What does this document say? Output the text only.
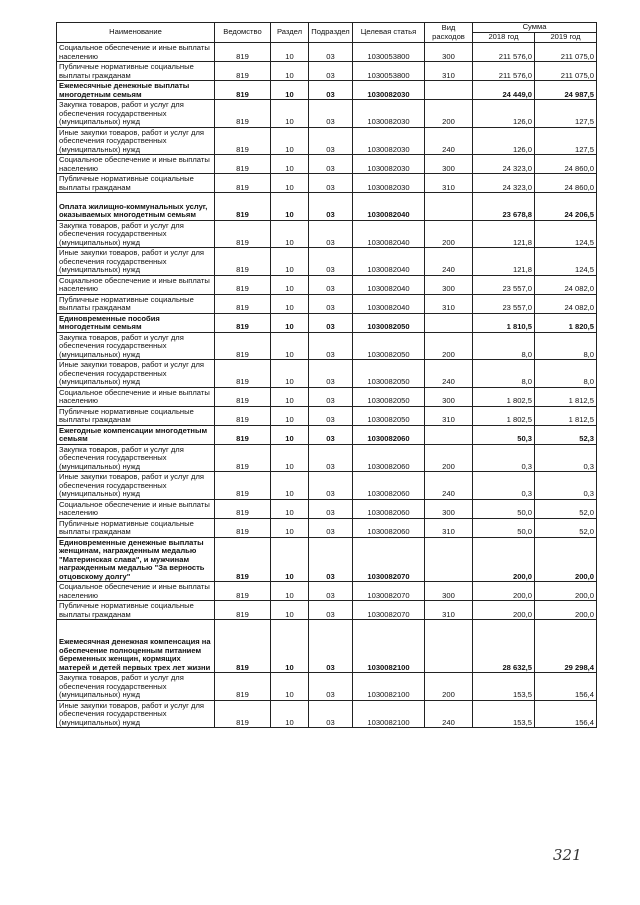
Наименование	Ведомство	Раздел	Подраздел	Целевая статья	Вид расходов	Сумма	
						2018 год	2019 год
Социальное обеспечение и иные выплаты населению	819	10	03	1030053800	300	211 576,0	211 075,0
Публичные нормативные социальные выплаты гражданам	819	10	03	1030053800	310	211 576,0	211 075,0
Ежемесячные денежные выплаты многодетным семьям	819	10	03	1030082030		24 449,0	24 987,5
Закупка товаров, работ и услуг для обеспечения государственных (муниципальных) нужд	819	10	03	1030082030	200	126,0	127,5
Иные закупки товаров, работ и услуг для обеспечения государственных (муниципальных) нужд	819	10	03	1030082030	240	126,0	127,5
Социальное обеспечение и иные выплаты населению	819	10	03	1030082030	300	24 323,0	24 860,0
Публичные нормативные социальные выплаты гражданам	819	10	03	1030082030	310	24 323,0	24 860,0
Оплата жилищно-коммунальных услуг, оказываемых многодетным семьям	819	10	03	1030082040		23 678,8	24 206,5
Закупка товаров, работ и услуг для обеспечения государственных (муниципальных) нужд	819	10	03	1030082040	200	121,8	124,5
Иные закупки товаров, работ и услуг для обеспечения государственных (муниципальных) нужд	819	10	03	1030082040	240	121,8	124,5
Социальное обеспечение и иные выплаты населению	819	10	03	1030082040	300	23 557,0	24 082,0
Публичные нормативные социальные выплаты гражданам	819	10	03	1030082040	310	23 557,0	24 082,0
Единовременные пособия многодетным семьям	819	10	03	1030082050		1 810,5	1 820,5
Закупка товаров, работ и услуг для обеспечения государственных (муниципальных) нужд	819	10	03	1030082050	200	8,0	8,0
Иные закупки товаров, работ и услуг для обеспечения государственных (муниципальных) нужд	819	10	03	1030082050	240	8,0	8,0
Социальное обеспечение и иные выплаты населению	819	10	03	1030082050	300	1 802,5	1 812,5
Публичные нормативные социальные выплаты гражданам	819	10	03	1030082050	310	1 802,5	1 812,5
Ежегодные компенсации многодетным семьям	819	10	03	1030082060		50,3	52,3
Закупка товаров, работ и услуг для обеспечения государственных (муниципальных) нужд	819	10	03	1030082060	200	0,3	0,3
Иные закупки товаров, работ и услуг для обеспечения государственных (муниципальных) нужд	819	10	03	1030082060	240	0,3	0,3
Социальное обеспечение и иные выплаты населению	819	10	03	1030082060	300	50,0	52,0
Публичные нормативные социальные выплаты гражданам	819	10	03	1030082060	310	50,0	52,0
Единовременные денежные выплаты женщинам, награжденным медалью "Материнская слава", и мужчинам награжденным медалью "За верность отцовскому долгу"	819	10	03	1030082070		200,0	200,0
Социальное обеспечение и иные выплаты населению	819	10	03	1030082070	300	200,0	200,0
Публичные нормативные социальные выплаты гражданам	819	10	03	1030082070	310	200,0	200,0
Ежемесячная денежная компенсация на обеспечение полноценным питанием беременных женщин, кормящих матерей и детей первых трех лет жизни	819	10	03	1030082100		28 632,5	29 298,4
Закупка товаров, работ и услуг для обеспечения государственных (муниципальных) нужд	819	10	03	1030082100	200	153,5	156,4
Иные закупки товаров, работ и услуг для обеспечения государственных (муниципальных) нужд	819	10	03	1030082100	240	153,5	156,4
321
